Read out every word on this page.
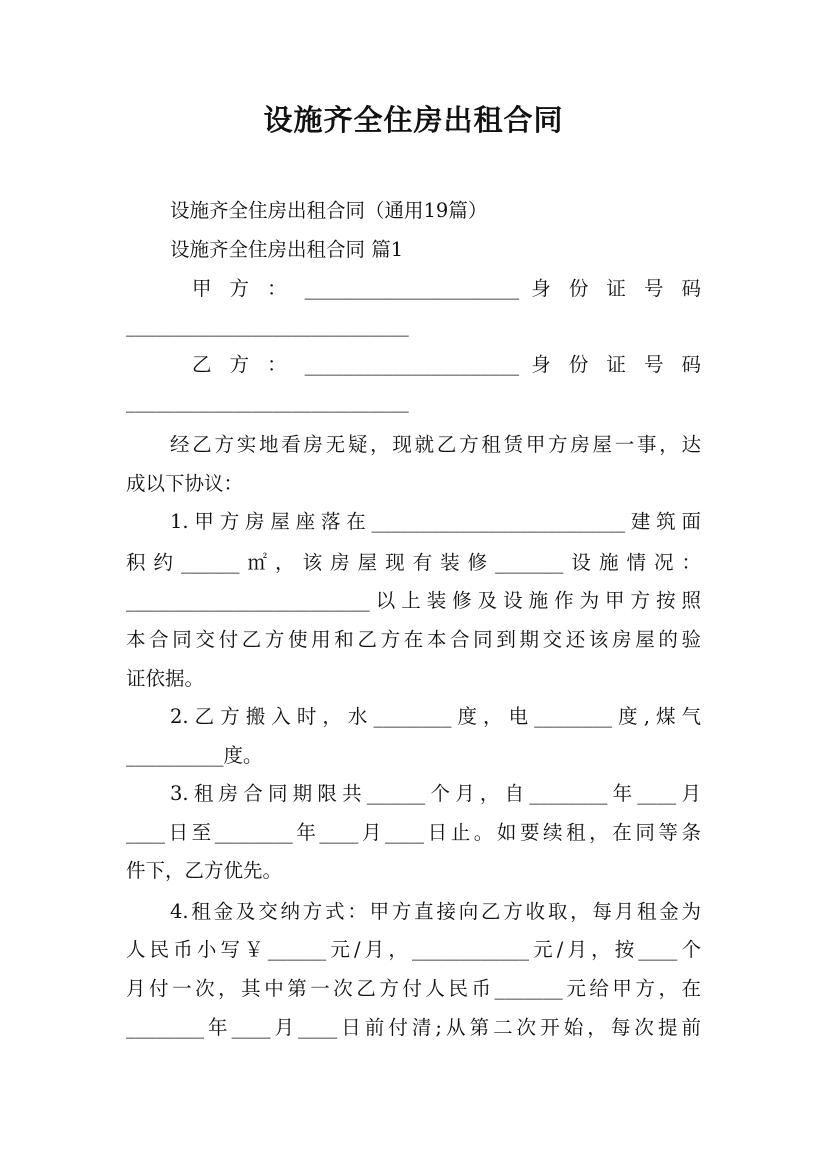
设施齐全住房出租合同
设施齐全住房出租合同（通用19篇）
设施齐全住房出租合同 篇1
甲 方 ： ______________________ 身 份 证 号 码
_____________________________
乙 方 ： ______________________ 身 份 证 号 码
_____________________________
经乙方实地看房无疑，现就乙方租赁甲方房屋一事，达
成以下协议：
1.甲方房屋座落在__________________________建筑面
积约______㎡，该房屋现有装修_______设施情况：
_________________________以上装修及设施作为甲方按照
本合同交付乙方使用和乙方在本合同到期交还该房屋的验
证依据。
2.乙方搬入时，水________度，电________度,煤气
__________度。
3.租房合同期限共______个月，自________年____月
____日至________年____月____日止。如要续租，在同等条
件下，乙方优先。
4.租金及交纳方式：甲方直接向乙方收取，每月租金为
人民币小写￥______元/月，____________元/月，按____个
月付一次，其中第一次乙方付人民币_______元给甲方，在
________年____月____日前付清;从第二次开始，每次提前
